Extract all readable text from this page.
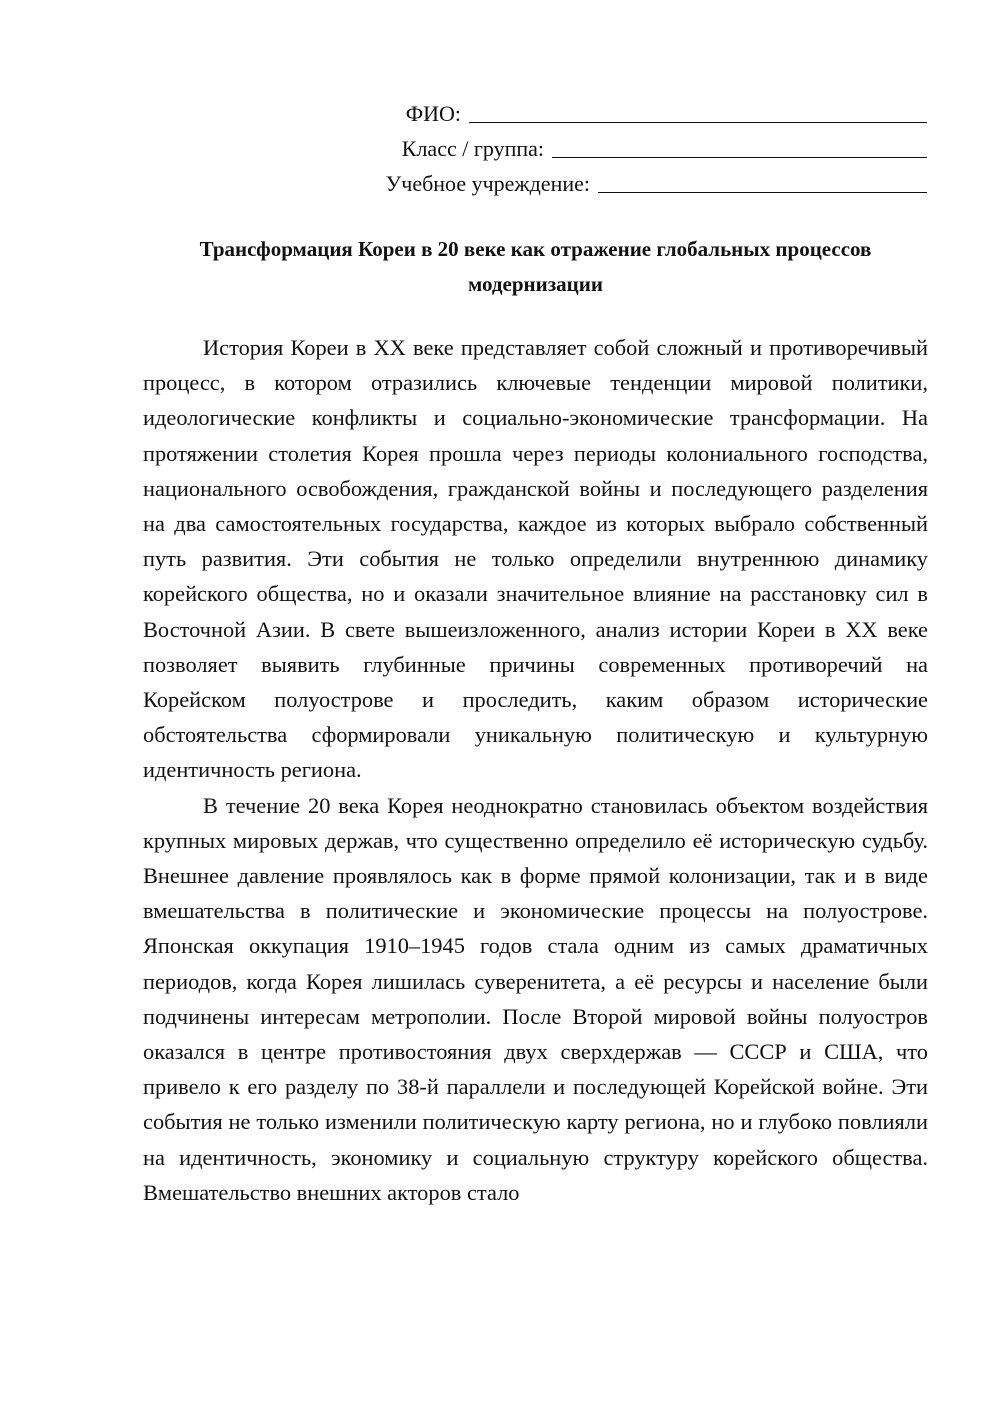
ФИО:
Класс / группа:
Учебное учреждение:
Трансформация Кореи в 20 веке как отражение глобальных процессов модернизации

История Кореи в XX веке представляет собой сложный и противоречивый процесс, в котором отразились ключевые тенденции мировой политики, идеологические конфликты и социально-экономические трансформации. На протяжении столетия Корея прошла через периоды колониального господства, национального освобождения, гражданской войны и последующего разделения на два самостоятельных государства, каждое из которых выбрало собственный путь развития. Эти события не только определили внутреннюю динамику корейского общества, но и оказали значительное влияние на расстановку сил в Восточной Азии. В свете вышеизложенного, анализ истории Кореи в XX веке позволяет выявить глубинные причины современных противоречий на Корейском полуострове и проследить, каким образом исторические обстоятельства сформировали уникальную политическую и культурную идентичность региона.

В течение 20 века Корея неоднократно становилась объектом воздействия крупных мировых держав, что существенно определило её историческую судьбу. Внешнее давление проявлялось как в форме прямой колонизации, так и в виде вмешательства в политические и экономические процессы на полуострове. Японская оккупация 1910–1945 годов стала одним из самых драматичных периодов, когда Корея лишилась суверенитета, а её ресурсы и население были подчинены интересам метрополии. После Второй мировой войны полуостров оказался в центре противостояния двух сверхдержав — СССР и США, что привело к его разделу по 38-й параллели и последующей Корейской войне. Эти события не только изменили политическую карту региона, но и глубоко повлияли на идентичность, экономику и социальную структуру корейского общества. Вмешательство внешних акторов стало
